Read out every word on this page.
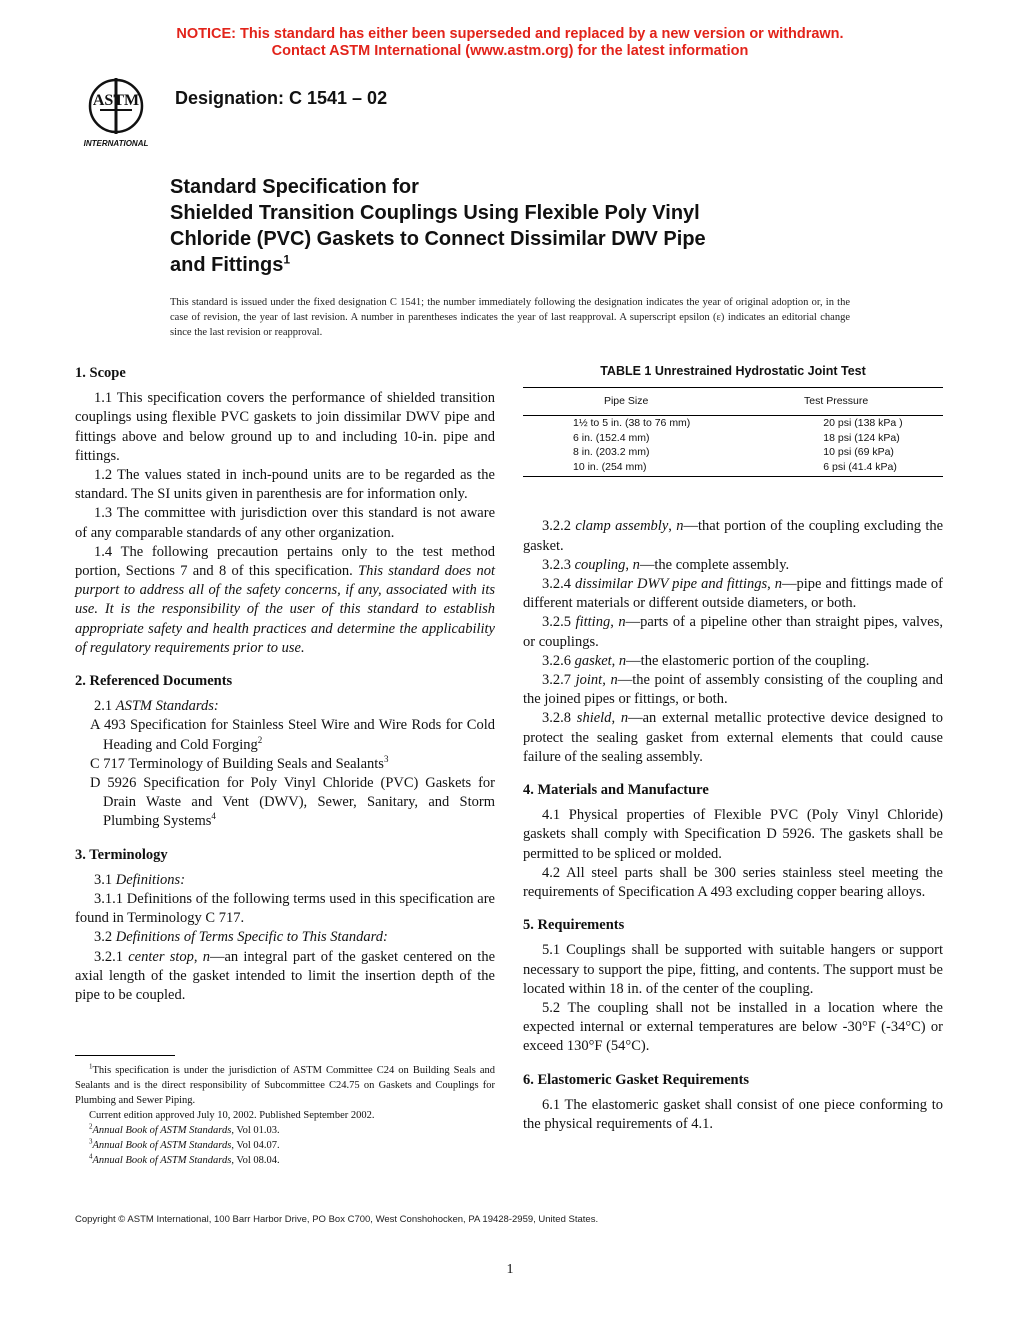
NOTICE: This standard has either been superseded and replaced by a new version or withdrawn.
Contact ASTM International (www.astm.org) for the latest information
ASTM
INTERNATIONAL
Designation: C 1541 – 02
Standard Specification for
Shielded Transition Couplings Using Flexible Poly Vinyl
Chloride (PVC) Gaskets to Connect Dissimilar DWV Pipe
and Fittings$^1$
This standard is issued under the fixed designation C 1541; the number immediately following the designation indicates the year of original adoption or, in the case of revision, the year of last revision. A number in parentheses indicates the year of last reapproval. A superscript epsilon (ε) indicates an editorial change since the last revision or reapproval.

1. Scope

1.1 This specification covers the performance of shielded transition couplings using flexible PVC gaskets to join dissimilar DWV pipe and fittings above and below ground up to and including 10-in. pipe and fittings.

1.2 The values stated in inch-pound units are to be regarded as the standard. The SI units given in parenthesis are for information only.

1.3 The committee with jurisdiction over this standard is not aware of any comparable standards of any other organization.

1.4 The following precaution pertains only to the test method portion, Sections 7 and 8 of this specification. This standard does not purport to address all of the safety concerns, if any, associated with its use. It is the responsibility of the user of this standard to establish appropriate safety and health practices and determine the applicability of regulatory requirements prior to use.

2. Referenced Documents

2.1 ASTM Standards:

A 493 Specification for Stainless Steel Wire and Wire Rods for Cold Heading and Cold Forging$^2$

C 717 Terminology of Building Seals and Sealants$^3$

D 5926 Specification for Poly Vinyl Chloride (PVC) Gaskets for Drain Waste and Vent (DWV), Sewer, Sanitary, and Storm Plumbing Systems$^4$

3. Terminology

3.1 Definitions:

3.1.1 Definitions of the following terms used in this specification are found in Terminology C 717.

3.2 Definitions of Terms Specific to This Standard:

3.2.1 center stop, n—an integral part of the gasket centered on the axial length of the gasket intended to limit the insertion depth of the pipe to be coupled.

TABLE 1 Unrestrained Hydrostatic Joint Test

Pipe Size	Test Pressure
1½ to 5 in. (38 to 76 mm)	20 psi (138 kPa )
6 in. (152.4 mm)	18 psi (124 kPa)
8 in. (203.2 mm)	10 psi (69 kPa)
10 in. (254 mm)	6 psi (41.4 kPa)

3.2.2 clamp assembly, n—that portion of the coupling excluding the gasket.

3.2.3 coupling, n—the complete assembly.

3.2.4 dissimilar DWV pipe and fittings, n—pipe and fittings made of different materials or different outside diameters, or both.

3.2.5 fitting, n—parts of a pipeline other than straight pipes, valves, or couplings.

3.2.6 gasket, n—the elastomeric portion of the coupling.

3.2.7 joint, n—the point of assembly consisting of the coupling and the joined pipes or fittings, or both.

3.2.8 shield, n—an external metallic protective device designed to protect the sealing gasket from external elements that could cause failure of the sealing assembly.

4. Materials and Manufacture

4.1 Physical properties of Flexible PVC (Poly Vinyl Chloride) gaskets shall comply with Specification D 5926. The gaskets shall be permitted to be spliced or molded.

4.2 All steel parts shall be 300 series stainless steel meeting the requirements of Specification A 493 excluding copper bearing alloys.

5. Requirements

5.1 Couplings shall be supported with suitable hangers or support necessary to support the pipe, fitting, and contents. The support must be located within 18 in. of the center of the coupling.

5.2 The coupling shall not be installed in a location where the expected internal or external temperatures are below -30°F (-34°C) or exceed 130°F (54°C).

6. Elastomeric Gasket Requirements

6.1 The elastomeric gasket shall consist of one piece conforming to the physical requirements of 4.1.

$^1$This specification is under the jurisdiction of ASTM Committee C24 on Building Seals and Sealants and is the direct responsibility of Subcommittee C24.75 on Gaskets and Couplings for Plumbing and Sewer Piping.

Current edition approved July 10, 2002. Published September 2002.

$^2$Annual Book of ASTM Standards, Vol 01.03.

$^3$Annual Book of ASTM Standards, Vol 04.07.

$^4$Annual Book of ASTM Standards, Vol 08.04.

Copyright © ASTM International, 100 Barr Harbor Drive, PO Box C700, West Conshohocken, PA 19428-2959, United States.
1
